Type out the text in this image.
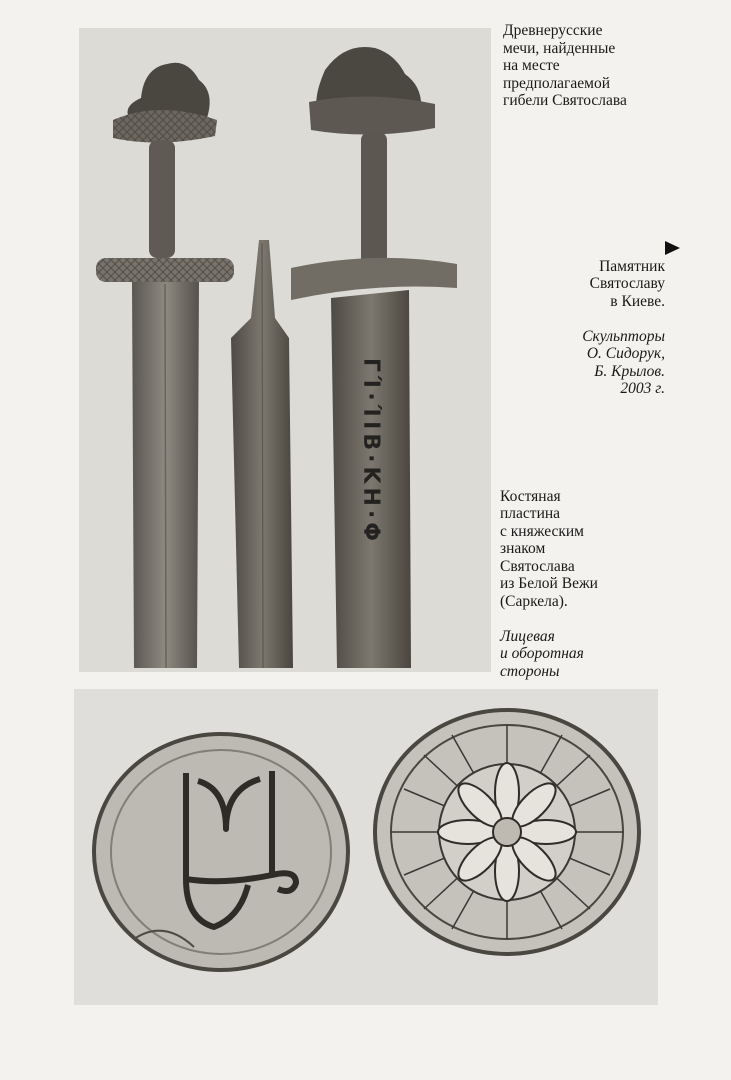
ΓΊ·ΊΙΒ·ΚΗ·Φ
Древнерусские
мечи, найденные
на месте
предполагаемой
гибели Святослава

Памятник
Святославу
в Киеве.

Скульпторы
О. Сидорук,
Б. Крылов.
2003 г.

Костяная
пластина
с княжеским
знаком
Святослава
из Белой Вежи
(Саркела).

Лицевая
и оборотная
стороны
